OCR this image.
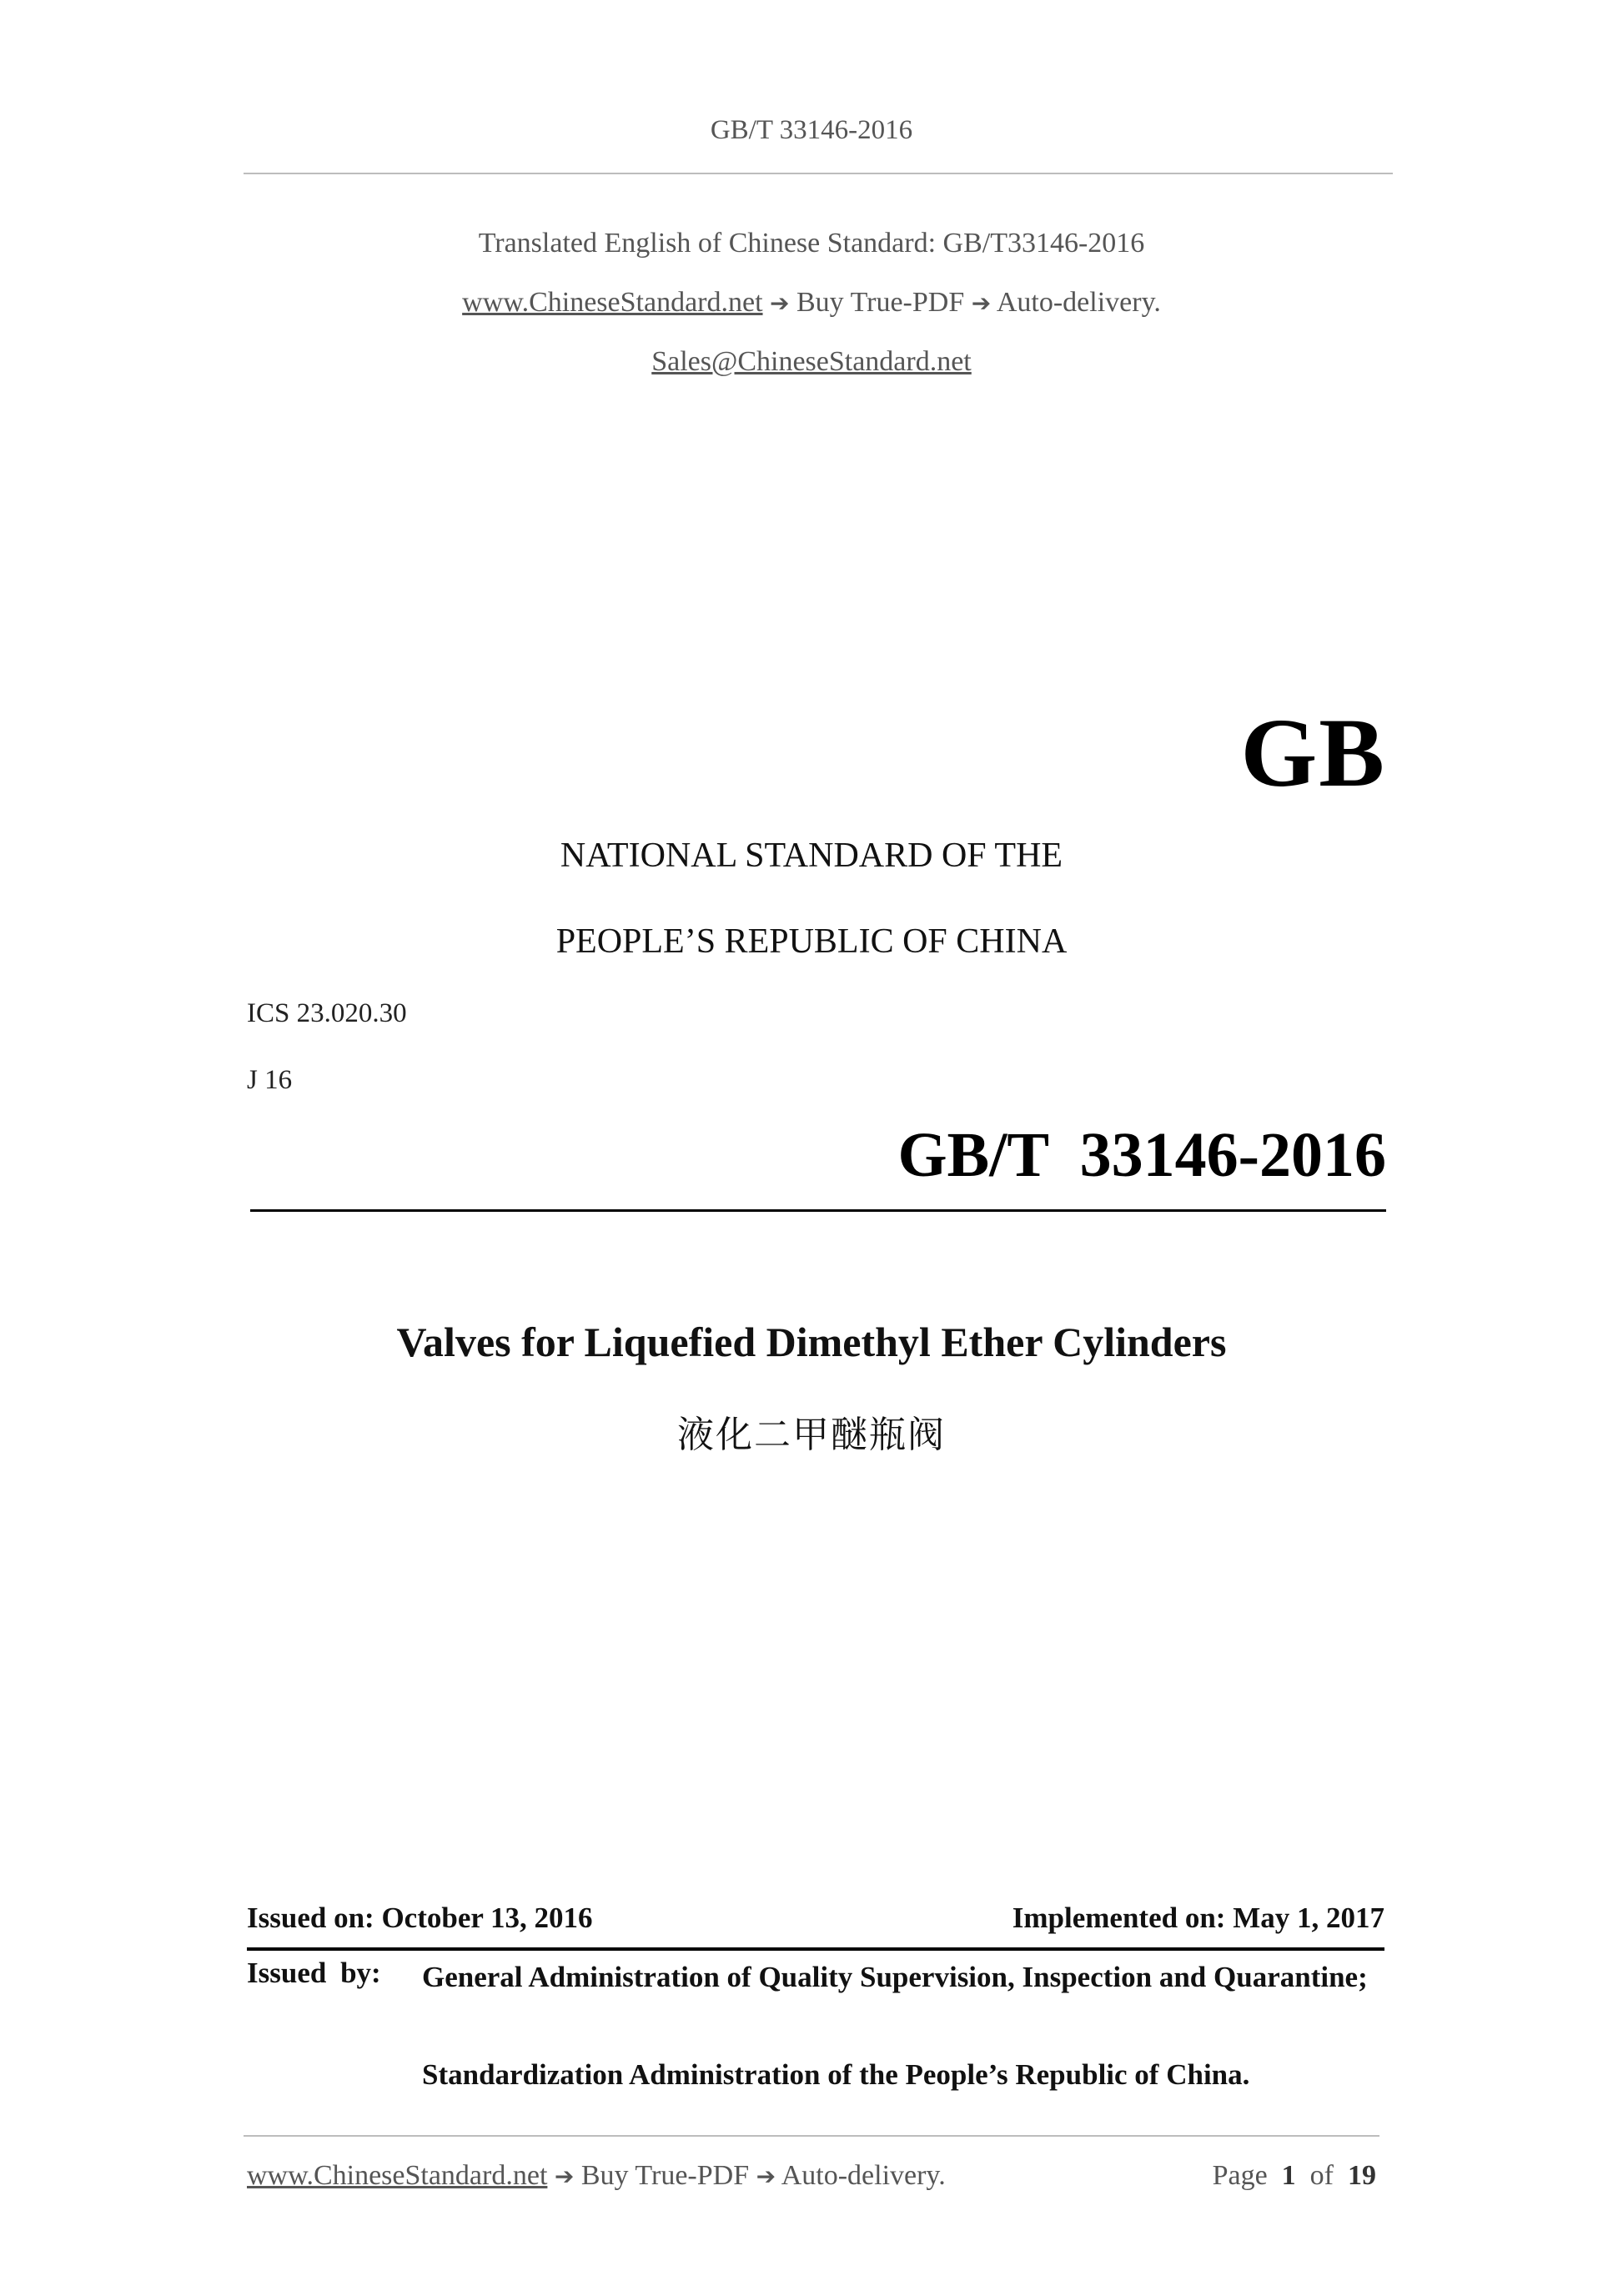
GB/T 33146-2016
Translated English of Chinese Standard: GB/T33146-2016
www.ChineseStandard.net ➔ Buy True-PDF ➔ Auto-delivery.
Sales@ChineseStandard.net
GB
NATIONAL STANDARD OF THE
PEOPLE’S REPUBLIC OF CHINA
ICS 23.020.30
J 16
GB/T  33146-2016
Valves for Liquefied Dimethyl Ether Cylinders
液化二甲醚瓶阀
Issued on: October 13, 2016	Implemented on: May 1, 2017
Issued by: General Administration of Quality Supervision, Inspection and Quarantine;
Standardization Administration of the People’s Republic of China.
www.ChineseStandard.net ➔ Buy True-PDF ➔ Auto-delivery.	Page 1 of 19
